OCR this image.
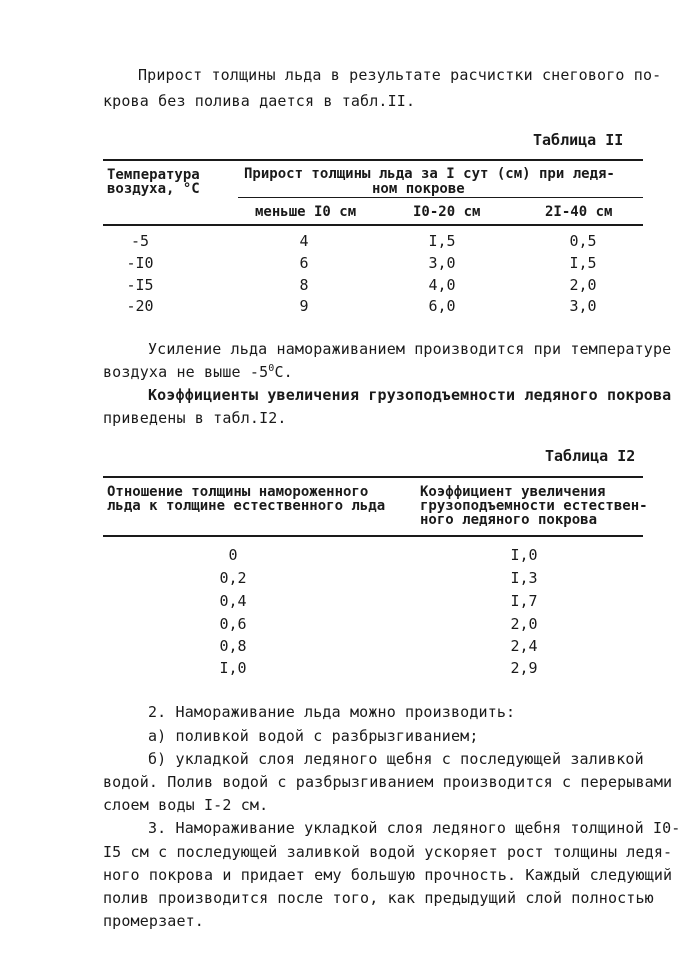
Прирост толщины льда в результате расчистки снегового по-
крова без полива дается в табл.II.
Таблица II
Температура
воздуха, °C
Прирост толщины льда за I сут (см) при ледя-
ном покрове
меньше I0 см	I0-20 см	2I-40 см
-5	4	I,5	0,5
-I0	6	3,0	I,5
-I5	8	4,0	2,0
-20	9	6,0	3,0
Усиление льда намораживанием производится при температуре
воздуха не выше $-5^0C$.
Коэффициенты увеличения грузоподъемности ледяного покрова
приведены в табл.I2.
Таблица I2
Отношение толщины намороженного
льда к толщине естественного льда
Коэффициент увеличения
грузоподъемности естествен-
ного ледяного покрова
0	I,0
0,2	I,3
0,4	I,7
0,6	2,0
0,8	2,4
I,0	2,9
2. Намораживание льда можно производить:
а) поливкой водой с разбрызгиванием;
б) укладкой слоя ледяного щебня с последующей заливкой
водой. Полив водой с разбрызгиванием производится с перерывами
слоем воды I-2 см.
3. Намораживание укладкой слоя ледяного щебня толщиной I0-
I5 см с последующей заливкой водой ускоряет рост толщины ледя-
ного покрова и придает ему большую прочность. Каждый следующий
полив производится после того, как предыдущий слой полностью
промерзает.
